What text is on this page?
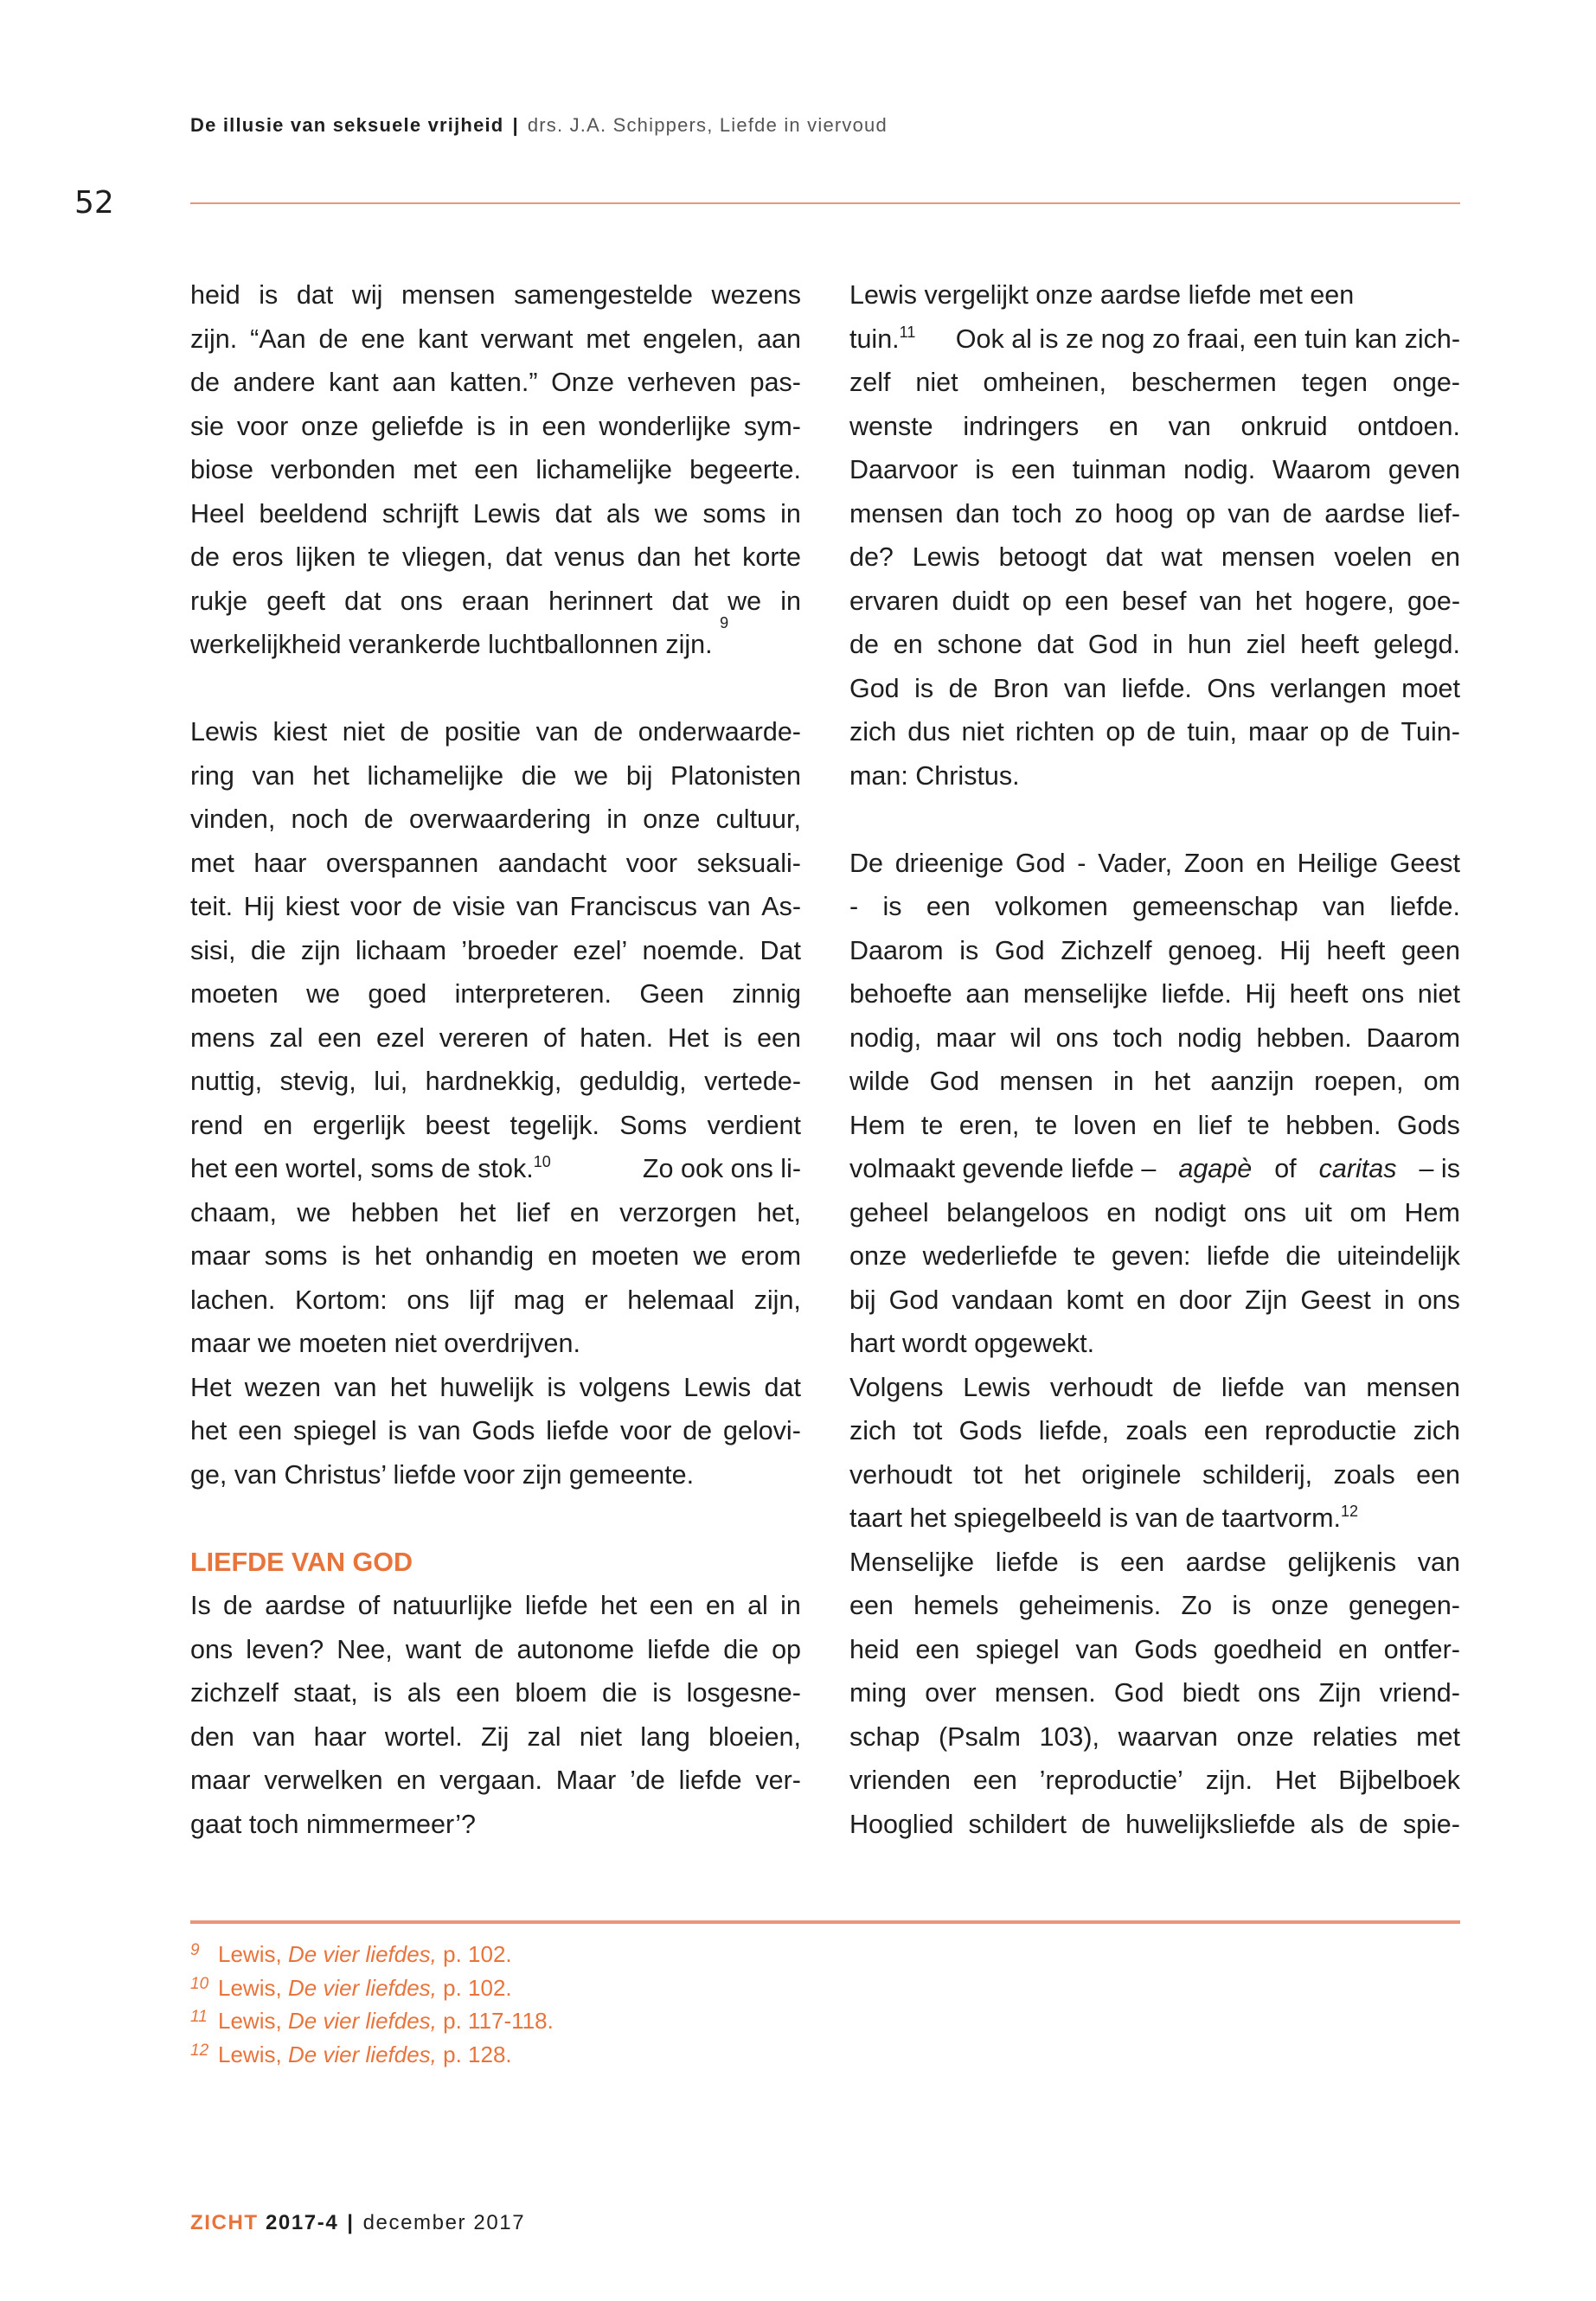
De illusie van seksuele vrijheid | drs. J.A. Schippers, Liefde in viervoud
52
heid is dat wij mensen samengestelde wezens
zijn. “Aan de ene kant verwant met engelen, aan
de andere kant aan katten.” Onze verheven pas-
sie voor onze geliefde is in een wonderlijke sym-
biose verbonden met een lichamelijke begeerte.
Heel beeldend schrijft Lewis dat als we soms in
de eros lijken te vliegen, dat venus dan het korte
rukje geeft dat ons eraan herinnert dat we in
werkelijkheid verankerde luchtballonnen zijn.
9
Lewis kiest niet de positie van de onderwaarde-
ring van het lichamelijke die we bij Platonisten
vinden, noch de overwaardering in onze cultuur,
met haar overspannen aandacht voor seksuali-
teit. Hij kiest voor de visie van Franciscus van As-
sisi, die zijn lichaam ’broeder ezel’ noemde. Dat
moeten we goed interpreteren. Geen zinnig
mens zal een ezel vereren of haten. Het is een
nuttig, stevig, lui, hardnekkig, geduldig, vertede-
rend en ergerlijk beest tegelijk. Soms verdient
het een wortel, soms de stok.$^{10}$	Zo ook ons li-
chaam, we hebben het lief en verzorgen het,
maar soms is het onhandig en moeten we erom
lachen. Kortom: ons lijf mag er helemaal zijn,
maar we moeten niet overdrijven.
Het wezen van het huwelijk is volgens Lewis dat
het een spiegel is van Gods liefde voor de gelovi-
ge, van Christus’ liefde voor zijn gemeente.
LIEFDE VAN GOD
Is de aardse of natuurlijke liefde het een en al in
ons leven? Nee, want de autonome liefde die op
zichzelf staat, is als een bloem die is losgesne-
den van haar wortel. Zij zal niet lang bloeien,
maar verwelken en vergaan. Maar ’de liefde ver-
gaat toch nimmermeer’?
Lewis vergelijkt onze aardse liefde met een
tuin.$^{11}$ Ook al is ze nog zo fraai, een tuin kan zich-
zelf niet omheinen, beschermen tegen onge-
wenste indringers en van onkruid ontdoen.
Daarvoor is een tuinman nodig. Waarom geven
mensen dan toch zo hoog op van de aardse lief-
de? Lewis betoogt dat wat mensen voelen en
ervaren duidt op een besef van het hogere, goe-
de en schone dat God in hun ziel heeft gelegd.
God is de Bron van liefde. Ons verlangen moet
zich dus niet richten op de tuin, maar op de Tuin-
man: Christus.
De drieenige God - Vader, Zoon en Heilige Geest
- is een volkomen gemeenschap van liefde.
Daarom is God Zichzelf genoeg. Hij heeft geen
behoefte aan menselijke liefde. Hij heeft ons niet
nodig, maar wil ons toch nodig hebben. Daarom
wilde God mensen in het aanzijn roepen, om
Hem te eren, te loven en lief te hebben. Gods
volmaakt gevende liefde – agapè of caritas – is
geheel belangeloos en nodigt ons uit om Hem
onze wederliefde te geven: liefde die uiteindelijk
bij God vandaan komt en door Zijn Geest in ons
hart wordt opgewekt.
Volgens Lewis verhoudt de liefde van mensen
zich tot Gods liefde, zoals een reproductie zich
verhoudt tot het originele schilderij, zoals een
taart het spiegelbeeld is van de taartvorm.$^{12}$
Menselijke liefde is een aardse gelijkenis van
een hemels geheimenis. Zo is onze genegen-
heid een spiegel van Gods goedheid en ontfer-
ming over mensen. God biedt ons Zijn vriend-
schap (Psalm 103), waarvan onze relaties met
vrienden een ’reproductie’ zijn. Het Bijbelboek
Hooglied schildert de huwelijksliefde als de spie-
9 Lewis, De vier liefdes, p. 102.
10 Lewis, De vier liefdes, p. 102.
11 Lewis, De vier liefdes, p. 117-118.
12 Lewis, De vier liefdes, p. 128.
ZICHT 2017-4 | december 2017
